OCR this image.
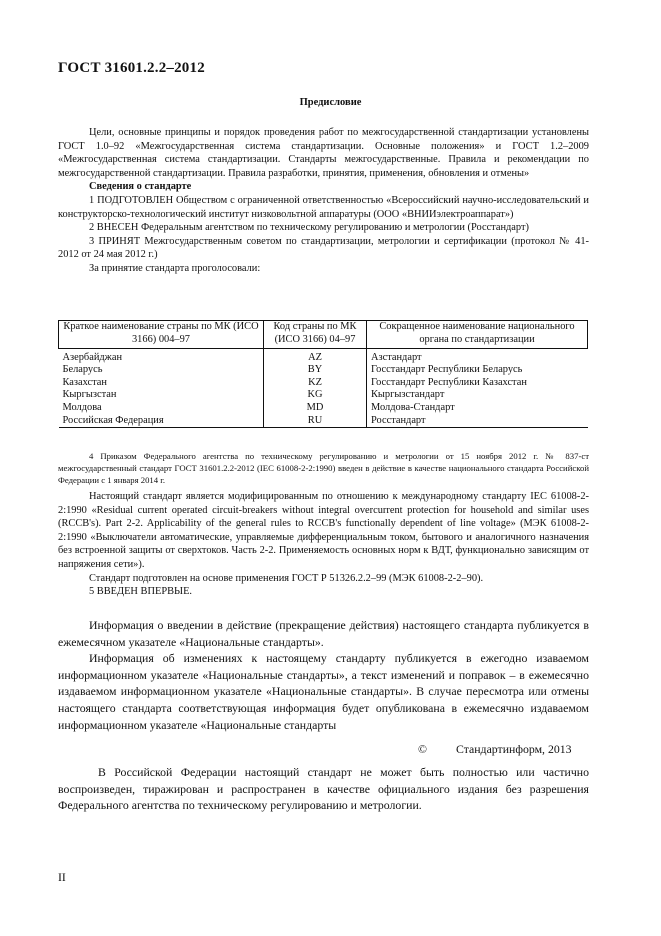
ГОСТ 31601.2.2–2012
Предисловие

Цели, основные принципы и порядок проведения работ по межгосударственной стандартизации установлены ГОСТ 1.0–92 «Межгосударственная система стандартизации. Основные положения» и ГОСТ 1.2–2009 «Межгосударственная система стандартизации. Стандарты межгосударственные. Правила и рекомендации по межгосударственной стандартизации. Правила разработки, принятия, применения, обновления и отмены»

Сведения о стандарте

1 ПОДГОТОВЛЕН Обществом с ограниченной ответственностью «Всероссийский научно-исследовательский и конструкторско-технологический институт низковольтной аппаратуры (ООО «ВНИИэлектроаппарат»)

2 ВНЕСЕН Федеральным агентством по техническому регулированию и метрологии (Росстандарт)

3 ПРИНЯТ Межгосударственным советом по стандартизации, метрологии и сертификации (протокол № 41-2012 от 24 мая 2012 г.)

За принятие стандарта проголосовали:

Краткое наименование страны по МК (ИСО 3166) 004–97	Код страны по МК (ИСО 3166) 04–97	Сокращенное наименование национального органа по стандартизации
Азербайджан	AZ	Азстандарт
Беларусь	BY	Госстандарт Республики Беларусь
Казахстан	KZ	Госстандарт Республики Казахстан
Кыргызстан	KG	Кыргызстандарт
Молдова	MD	Молдова-Стандарт
Российская Федерация	RU	Росстандарт

4 Приказом Федерального агентства по техническому регулированию и метрологии от 15 ноября 2012 г. № 837-ст межгосударственный стандарт ГОСТ 31601.2.2-2012 (IEC 61008-2-2:1990) введен в действие в качестве национального стандарта Российской Федерации с 1 января 2014 г.

Настоящий стандарт является модифицированным по отношению к международному стандарту IEC 61008-2-2:1990 «Residual current operated circuit-breakers without integral overcurrent protection for household and similar uses (RCCB's). Part 2-2. Applicability of the general rules to RCCB's functionally dependent of line voltage» (МЭК 61008-2-2:1990 «Выключатели автоматические, управляемые дифференциальным током, бытового и аналогичного назначения без встроенной защиты от сверхтоков. Часть 2-2. Применяемость основных норм к ВДТ, функционально зависящим от напряжения сети»).

Стандарт подготовлен на основе применения ГОСТ Р 51326.2.2–99 (МЭК 61008-2-2–90).

5 ВВЕДЕН ВПЕРВЫЕ.

Информация о введении в действие (прекращение действия) настоящего стандарта публикуется в ежемесячном указателе «Национальные стандарты».

Информация об изменениях к настоящему стандарту публикуется в ежегодно изаваемом информационном указателе «Национальные стандарты», а текст изменений и поправок – в ежемесячно издаваемом информационном указателе «Национальные стандарты». В случае пересмотра или отмены настоящего стандарта соответствующая информация будет опубликована в ежемесячно издаваемом информационном указателе «Национальные стандарты

© Стандартинформ, 2013

В Российской Федерации настоящий стандарт не может быть полностью или частично воспроизведен, тиражирован и распространен в качестве официального издания без разрешения Федерального агентства по техническому регулированию и метрологии.

II
